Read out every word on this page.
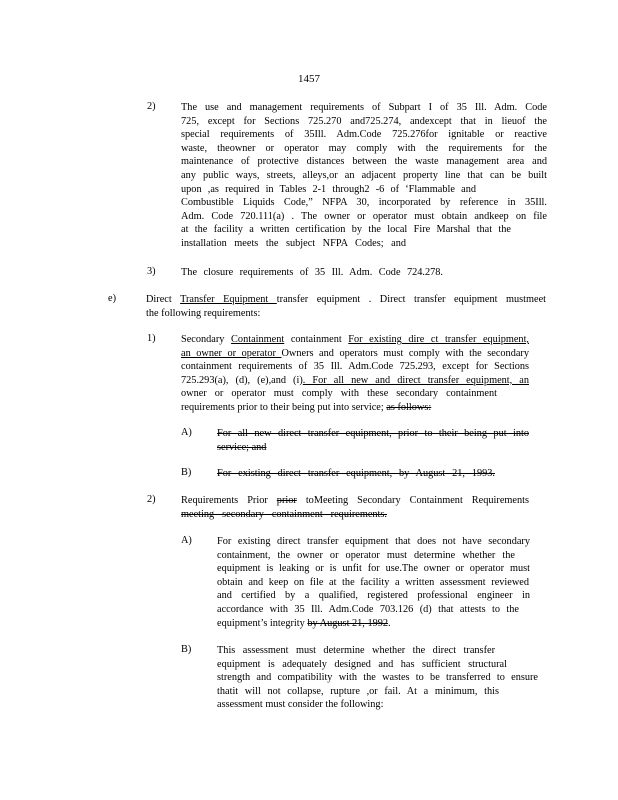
1457
2) The use and management requirements of Subpart I of 35 Ill. Adm. Code
725, except for Sections 725.270 and725.274, andexcept that in lieuof the
special requirements of 35Ill. Adm.Code 725.276for ignitable or reactive
waste, theowner or operator may comply with the requirements for the
maintenance of protective distances between the waste management area and
any public ways, streets, alleys,or an adjacent property line that can be built
upon ,as required in Tables 2-1 through2 -6 of ‘Flammable and
Combustible Liquids Code,” NFPA 30, incorporated by reference in 35Ill.
Adm. Code 720.111(a) . The owner or operator must obtain andkeep on file
at the facility a written certification by the local Fire Marshal that the
installation meets the subject NFPA Codes; and
3) The closure requirements of 35 Ill. Adm. Code 724.278.
e)	Direct Transfer Equipment transfer equipment . Direct transfer equipment mustmeet
the following requirements:
1) Secondary Containment containment For existing dire ct transfer equipment,
an owner or operator Owners and operators must comply with the secondary
containment requirements of 35 Ill. Adm.Code 725.293, except for Sections
725.293(a), (d), (e),and (i). For all new and direct transfer equipment, an
owner or operator must comply with these secondary containment
requirements prior to their being put into service; as follows:
A) For all new direct transfer equipment, prior to their being put into
service; and
B) For existing direct transfer equipment, by August 21, 1993.
2) Requirements Prior prior toMeeting Secondary Containment Requirements
meeting secondary containment requirements.
A) For existing direct transfer equipment that does not have secondary
containment, the owner or operator must determine whether the
equipment is leaking or is unfit for use.The owner or operator must
obtain and keep on file at the facility a written assessment reviewed
and certified by a qualified, registered professional engineer in
accordance with 35 Ill. Adm.Code 703.126 (d) that attests to the
equipment’s integrity by August 21, 1992.
B) This assessment must determine whether the direct transfer
equipment is adequately designed and has sufficient structural
strength and compatibility with the wastes to be transferred to ensure
thatit will not collapse, rupture ,or fail. At a minimum, this
assessment must consider the following:
